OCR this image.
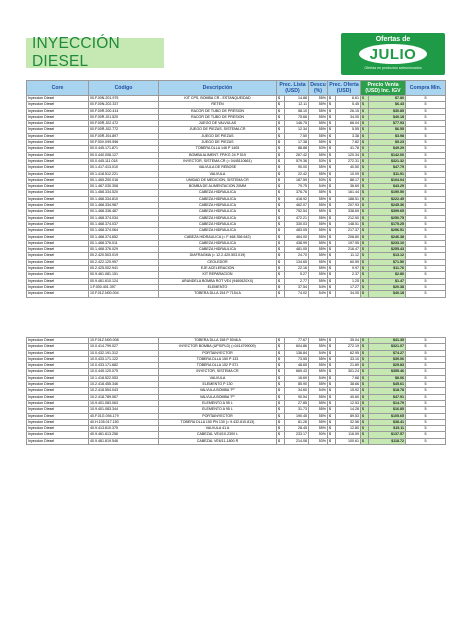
INYECCIÓN DIESEL
Ofertas de
JULIO
Ofertas en productos seleccionados
Core	Código	Descripción	Prec. Lista (USD)		Descu (%)	Prec. Oferta (USD)		Precio Venta (USD) Inc. IGV		Compra Min.
Inyeccion Diesel	00.F.00N.201.975	KIT CPS, BOMBA CR - ESTANQUEIDAD	$	14.88	55%	$	6.61	$	$7.80	5
Inyeccion Diesel	00.F.00N.202.337	RETEN	$	12.11	55%	$	5.45	$	$6.43	5
Inyeccion Diesel	00.F.00R.200.414	RACOR DE TUBO DE PRESION	$	58.10	55%	$	26.15	$	$30.85	5
Inyeccion Diesel	00.F.00R.J01.520	RACOR DE TUBO DE PRESION	$	75.66	55%	$	34.05	$	$40.18	5
Inyeccion Diesel	00.F.00R.J02.472	JUEGO DE VALVULAS	$	146.75	55%	$	66.04	$	$77.93	5
Inyeccion Diesel	00.F.00R.J02.772	JUEGO DE PIEZAS, SISTEMA CR	$	12.34	55%	$	5.55	$	$6.55	5
Inyeccion Diesel	00.F.00R.J04.897	JUEGO DE PIEZAS	$	7.50	55%	$	3.38	$	$3.98	5
Inyeccion Diesel	00.F.00V.X99.596	JUEGO DE PIEZAS	$	17.38	55%	$	7.82	$	$9.23	5
Inyeccion Diesel	00.0.445.171.871	TOBERA DLLA 146 P 1405	$	88.88	53%	$	41.78	$	$49.29	5
Inyeccion Diesel	00.0.440.008.127	BOMBA ALIMENT. FP/KG 24 P 519	$	267.42	55%	$	120.34	$	$142.00	5
Inyeccion Diesel	00.0.445.111.018	INYECTOR, SISTEMA CR (= 0445110661)	$	579.36	53%	$	272.31	$	$321.32	5
Inyeccion Diesel	00.1.417.413.010	VALVULA DE REBOSE	$	90.00	55%	$	40.50	$	$47.79	5
Inyeccion Diesel	00.1.418.512.221	VALVULA	$	22.42	55%	$	10.09	$	$11.91	5
Inyeccion Diesel	00.1.465.Z00.016	UNIDAD DE MEDICION, SISTEMA CR	$	187.59	53%	$	88.17	$	$104.04	5
Inyeccion Diesel	00.1.467.030.308	BOMBA DE ALIMENTACION 20MM	$	79.75	54%	$	36.69	$	$43.29	5
Inyeccion Diesel	00.1.468.334.520	CABEZA HIDRAULICA	$	376.76	55%	$	161.44	$	$190.50	5
Inyeccion Diesel	00.1.468.334.810	CABEZA HIDRAULICA	$	418.92	55%	$	188.51	$	$222.45	5
Inyeccion Diesel	00.1.468.334.987	CABEZA HIDRAULICA	$	462.07	55%	$	207.93	$	$245.36	5
Inyeccion Diesel	00.1.468.336.487	CABEZA HIDRAULICA	$	752.54	55%	$	338.69	$	$399.65	5
Inyeccion Diesel	00.1.468.374.034	CABEZA HIDRAULICA	$	472.21	55%	$	212.50	$	$250.75	5
Inyeccion Diesel	00.1.468.374.037	CABEZA HIDRAULICA	$	330.03	55%	$	148.51	$	$175.25	5
Inyeccion Diesel	00.1.468.374.064	CABEZA HIDRAULICA	$	483.05	55%	$	217.37	$	$256.51	5
Inyeccion Diesel	00.1.468.374.652	CABEZA HIDRAULICA (= F 468 356 642)	$	464.00	55%	$	208.80	$	$246.38	5
Inyeccion Diesel	00.1.468.376.011	CABEZA HIDRAULICA	$	438.99	55%	$	197.55	$	$233.10	5
Inyeccion Diesel	00.1.468.376.029	CABEZA HIDRAULICA	$	481.05	55%	$	216.47	$	$255.43	5
Inyeccion Diesel	00.2.420.503.019	DIAFRAGMA (= 12.2.420.503.019)	$	24.70	55%	$	11.12	$	$13.12	5
Inyeccion Diesel	00.2.422.120.997	CEOLEDOR	$	134.65	55%	$	60.59	$	$71.50	5
Inyeccion Diesel	00.2.425.002.941	EJE ACELERACION	$	22.16	55%	$	9.97	$	$11.76	5
Inyeccion Diesel	00.9.461.081.151	KIT REPARACION	$	5.27	55%	$	2.37	$	$2.80	5
Inyeccion Diesel	00.9.461.610.124	ARANDELA BOMBA ROT VE4 (9460620XX)	$	2.77	55%	$	1.25	$	$1.47	5
Inyeccion Diesel	1.F.000.401.397	ELEMENTO	$	37.54	54%	$	17.27	$	$20.38	5
Inyeccion Diesel	10.F.01Z.N00.004	TOBERA DLLA 154 P 7154 A	$	74.02	54%	$	34.05	$	$40.18	5
Inyeccion Diesel	10.F.01Z.N00.008	TOBERA DLLA 158 P 5046 A	$	77.67	55%	$	35.04	$	$41.35	5
Inyeccion Diesel	10.0.414.799.027	INYECTOR BOMBA (UPS/PLD) (=0414799009)	$	604.86	55%	$	272.19	$	$321.07	5
Inyeccion Diesel	10.0.432.191.312	PORTAINYECTOR	$	136.84	54%	$	62.95	$	$74.27	5
Inyeccion Diesel	10.0.433.171.122	TOBERA DLLA 150 P 133	$	73.55	55%	$	33.10	$	$39.06	5
Inyeccion Diesel	10.0.433.171.682	TOBERA DLLA 152 P 571	$	48.65	55%	$	21.89	$	$25.83	5
Inyeccion Diesel	10.0.445.120.075	INYECTOR, SISTEMA CR	$	669.43	55%	$	301.24	$	$355.46	5
Inyeccion Diesel	10.1.418.522.053	VALVULA	$	16.69	54%	$	7.68	$	$8.06	5
Inyeccion Diesel	10.2.418.455.346	ELEMENTO P 130	$	85.90	55%	$	38.66	$	$45.61	5
Inyeccion Diesel	10.2.418.554.043	VALVULA BOMBA "P"	$	34.60	54%	$	15.92	$	$18.78	5
Inyeccion Diesel	10.2.418.789.067	VALVULA BOMBA "P"	$	90.54	55%	$	40.60	$	$47.91	5
Inyeccion Diesel	10.9.401.083.063	ELEMENTO A 95 L	$	27.85	55%	$	12.53	$	$14.79	5
Inyeccion Diesel	10.9.401.083.344	ELEMENTO A 95 L	$	31.73	55%	$	14.28	$	$16.85	5
Inyeccion Diesel	40.F.01G.094.179	PORTAINYECTOR	$	190.45	55%	$	89.53	$	$105.65	5
Inyeccion Diesel	40.H.105.017.150	TOBERA DLLA 150 PN 130 (= 9.432.610.813)	$	81.26	55%	$	32.56	$	$38.41	5
Inyeccion Diesel	40.9.413.610.375	VALVULA 41 A	$	28.45	55%	$	12.80	$	$15.11	5
Inyeccion Diesel	40.9.461.613.256	CABEZAL VE4/10-2300 L	$	233.17	50%	$	116.59	$	$137.57	5
Inyeccion Diesel	40.9.461.619.546	CABEZAL VE6/11-1800 R	$	214.08	53%	$	100.61	$	$118.72	5
